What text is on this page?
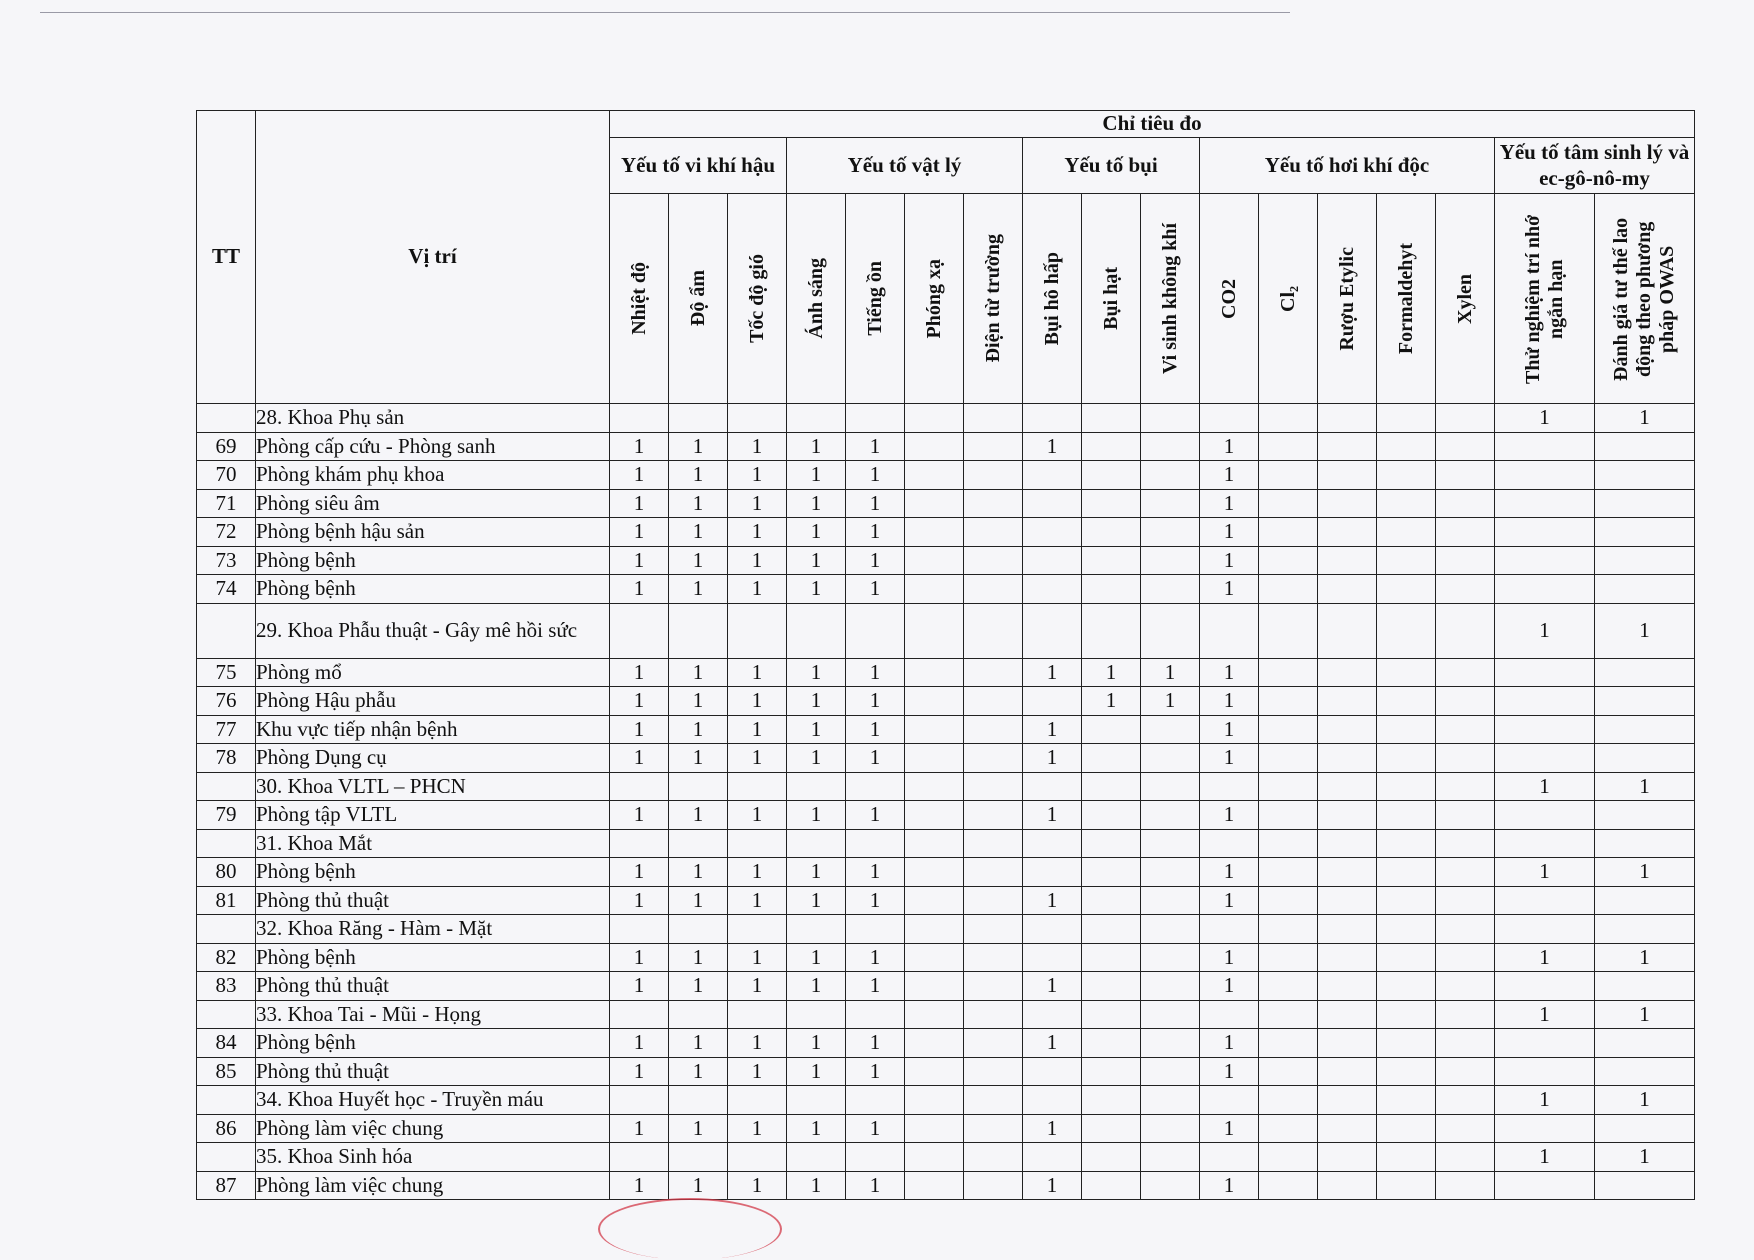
TT	Vị trí	Chỉ tiêu đo																
		Yếu tố vi khí hậu			Yếu tố vật lý				Yếu tố bụi			Yếu tố hơi khí độc					Yếu tố tâm sinh lý và ec-gô-nô-my	

		Nhiệt độ	Độ ẩm	Tốc độ gió	Ánh sáng	Tiếng ồn	Phóng xạ	Điện từ trường	Bụi hô hấp	Bụi hạt	Vi sinh không khí	CO2	Cl₂	Rượu Etylic	Formaldehyt	Xylen	Thử nghiệm trí nhớ ngắn hạn	Đánh giá tư thế lao động theo phương pháp OWAS

	28. Khoa Phụ sản																1	1
69	Phòng cấp cứu - Phòng sanh	1	1	1	1	1			1			1						
70	Phòng khám phụ khoa	1	1	1	1	1						1						
71	Phòng siêu âm	1	1	1	1	1						1						
72	Phòng bệnh hậu sản	1	1	1	1	1						1						
73	Phòng bệnh	1	1	1	1	1						1						
74	Phòng bệnh	1	1	1	1	1						1						
	29. Khoa Phẫu thuật - Gây mê hồi sức																1	1
75	Phòng mổ	1	1	1	1	1			1	1	1	1						
76	Phòng Hậu phẫu	1	1	1	1	1				1	1	1						
77	Khu vực tiếp nhận bệnh	1	1	1	1	1			1			1						
78	Phòng Dụng cụ	1	1	1	1	1			1			1						
	30. Khoa VLTL – PHCN																1	1
79	Phòng tập VLTL	1	1	1	1	1			1			1						
	31. Khoa Mắt																	
80	Phòng bệnh	1	1	1	1	1						1					1	1
81	Phòng thủ thuật	1	1	1	1	1			1			1						
	32. Khoa Răng - Hàm - Mặt																	
82	Phòng bệnh	1	1	1	1	1						1					1	1
83	Phòng thủ thuật	1	1	1	1	1			1			1						
	33. Khoa Tai - Mũi - Họng																1	1
84	Phòng bệnh	1	1	1	1	1			1			1						
85	Phòng thủ thuật	1	1	1	1	1						1						
	34. Khoa Huyết học - Truyền máu																1	1
86	Phòng làm việc chung	1	1	1	1	1			1			1						
	35. Khoa Sinh hóa																1	1
87	Phòng làm việc chung	1	1	1	1	1			1			1						
